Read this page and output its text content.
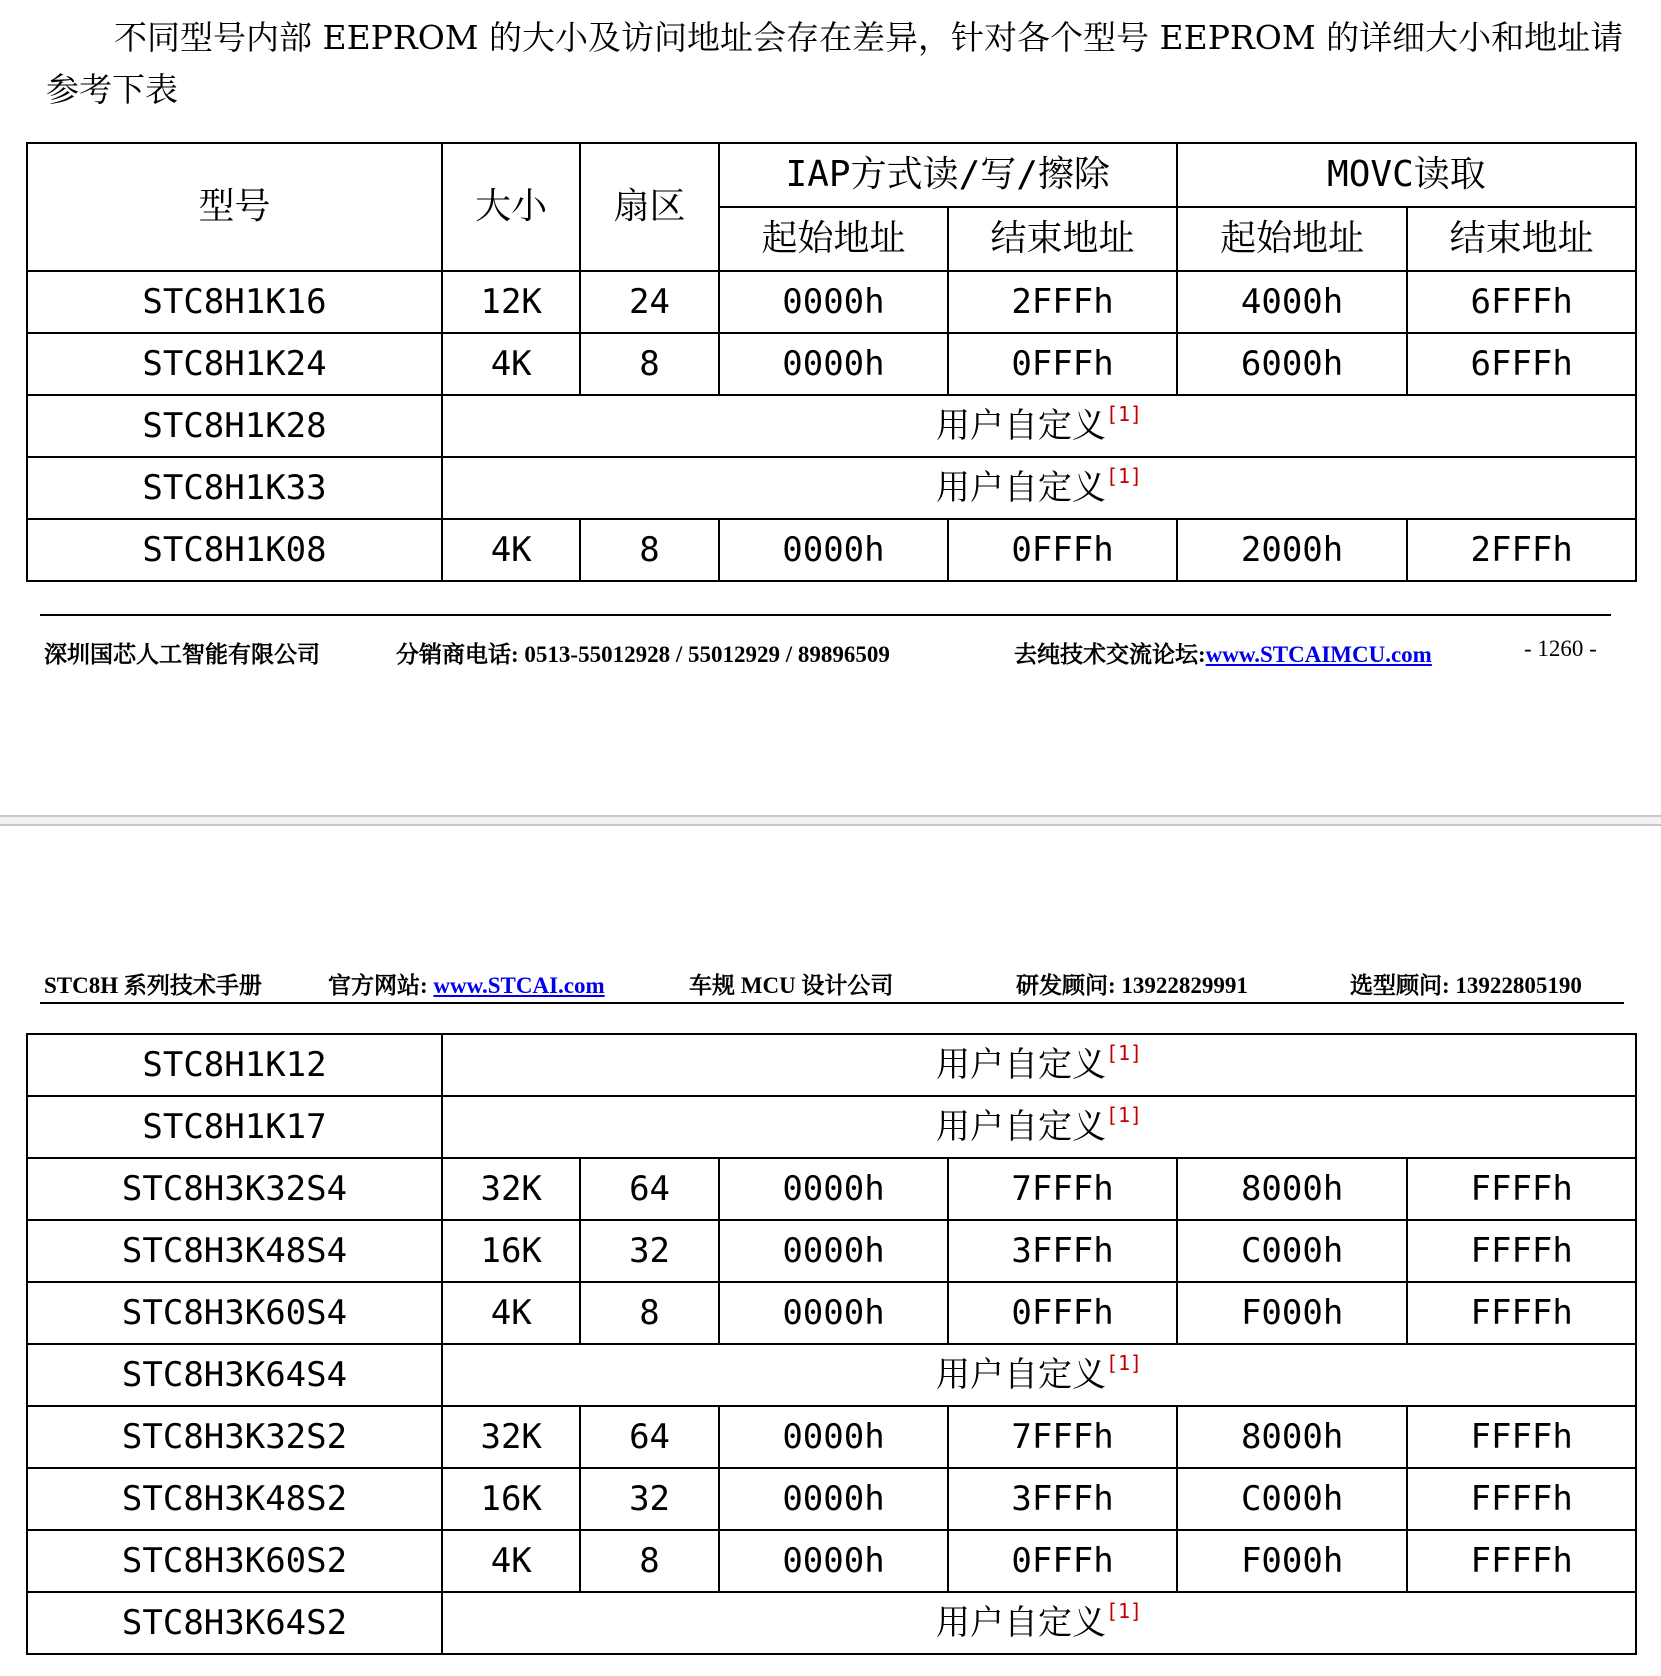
不同型号内部 EEPROM 的大小及访问地址会存在差异，针对各个型号 EEPROM 的详细大小和地址请参考下表

型号	大小	扇区	IAP方式读/写/擦除		MOVC读取	
			起始地址	结束地址	起始地址	结束地址
STC8H1K16	12K	24	0000h	2FFFh	4000h	6FFFh
STC8H1K24	4K	8	0000h	0FFFh	6000h	6FFFh
STC8H1K28	用户自定义[1]
STC8H1K33	用户自定义[1]
STC8H1K08	4K	8	0000h	0FFFh	2000h	2FFFh
深圳国芯人工智能有限公司	分销商电话: 0513-55012928 / 55012929 / 89896509	去纯技术交流论坛:www.STCAIMCU.com	- 1260 -
STC8H 系列技术手册	官方网站: www.STCAI.com	车规 MCU 设计公司	研发顾问: 13922829991	选型顾问: 13922805190
STC8H1K12	用户自定义[1]
STC8H1K17	用户自定义[1]
STC8H3K32S4	32K	64	0000h	7FFFh	8000h	FFFFh
STC8H3K48S4	16K	32	0000h	3FFFh	C000h	FFFFh
STC8H3K60S4	4K	8	0000h	0FFFh	F000h	FFFFh
STC8H3K64S4	用户自定义[1]
STC8H3K32S2	32K	64	0000h	7FFFh	8000h	FFFFh
STC8H3K48S2	16K	32	0000h	3FFFh	C000h	FFFFh
STC8H3K60S2	4K	8	0000h	0FFFh	F000h	FFFFh
STC8H3K64S2	用户自定义[1]
